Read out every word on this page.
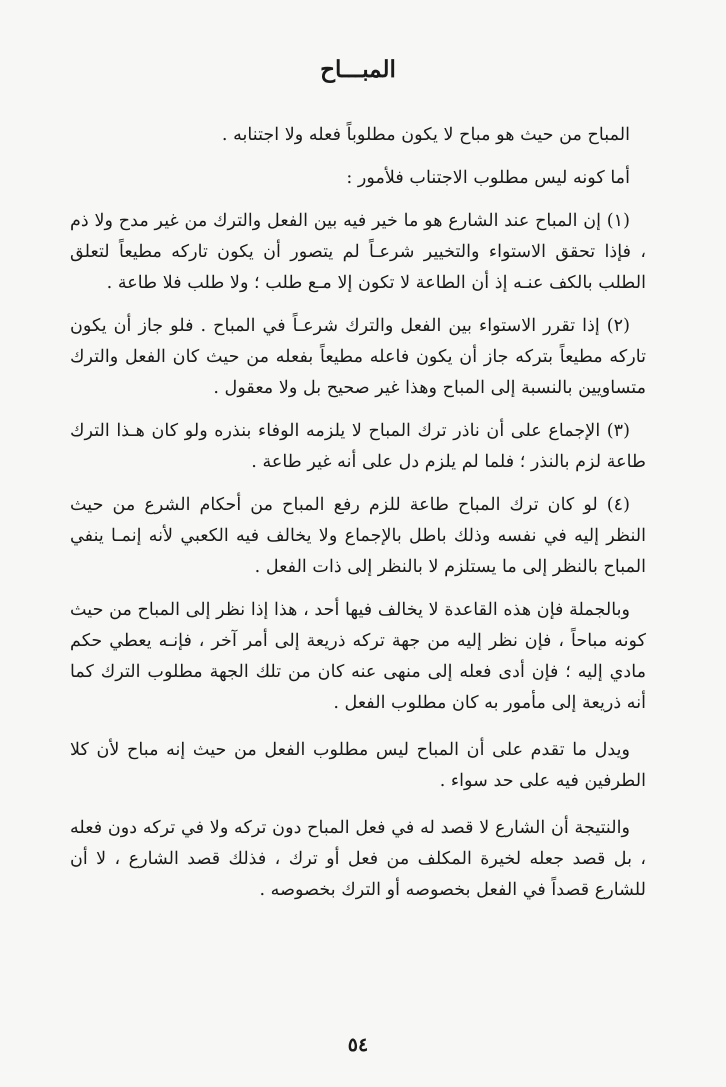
المبـــاح

المباح من حيث هو مباح لا يكون مطلوباً فعله ولا اجتنابه .

أما كونه ليس مطلوب الاجتناب فلأمور :

(١) إن المباح عند الشارع هو ما خير فيه بين الفعل والترك من غير مدح ولا ذم ، فإذا تحقق الاستواء والتخيير شرعـاً لم يتصور أن يكون تاركه مطيعاً لتعلق الطلب بالكف عنـه إذ أن الطاعة لا تكون إلا مـع طلب ؛ ولا طلب فلا طاعة .

(٢) إذا تقرر الاستواء بين الفعل والترك شرعـاً في المباح . فلو جاز أن يكون تاركه مطيعاً بتركه جاز أن يكون فاعله مطيعاً بفعله من حيث كان الفعل والترك متساويين بالنسبة إلى المباح وهذا غير صحيح بل ولا معقول .

(٣) الإجماع على أن ناذر ترك المباح لا يلزمه الوفاء بنذره ولو كان هـذا الترك طاعة لزم بالنذر ؛ فلما لم يلزم دل على أنه غير طاعة .

(٤) لو كان ترك المباح طاعة للزم رفع المباح من أحكام الشرع من حيث النظر إليه في نفسه وذلك باطل بالإجماع ولا يخالف فيه الكعبي لأنه إنمـا ينفي المباح بالنظر إلى ما يستلزم لا بالنظر إلى ذات الفعل .

وبالجملة فإن هذه القاعدة لا يخالف فيها أحد ، هذا إذا نظر إلى المباح من حيث كونه مباحاً ، فإن نظر إليه من جهة تركه ذريعة إلى أمر آخر ، فإنـه يعطي حكم مادي إليه ؛ فإن أدى فعله إلى منهى عنه كان من تلك الجهة مطلوب الترك كما أنه ذريعة إلى مأمور به كان مطلوب الفعل .

ويدل ما تقدم على أن المباح ليس مطلوب الفعل من حيث إنه مباح لأن كلا الطرفين فيه على حد سواء .

والنتيجة أن الشارع لا قصد له في فعل المباح دون تركه ولا في تركه دون فعله ، بل قصد جعله لخيرة المكلف من فعل أو ترك ، فذلك قصد الشارع ، لا أن للشارع قصداً في الفعل بخصوصه أو الترك بخصوصه .

٥٤
